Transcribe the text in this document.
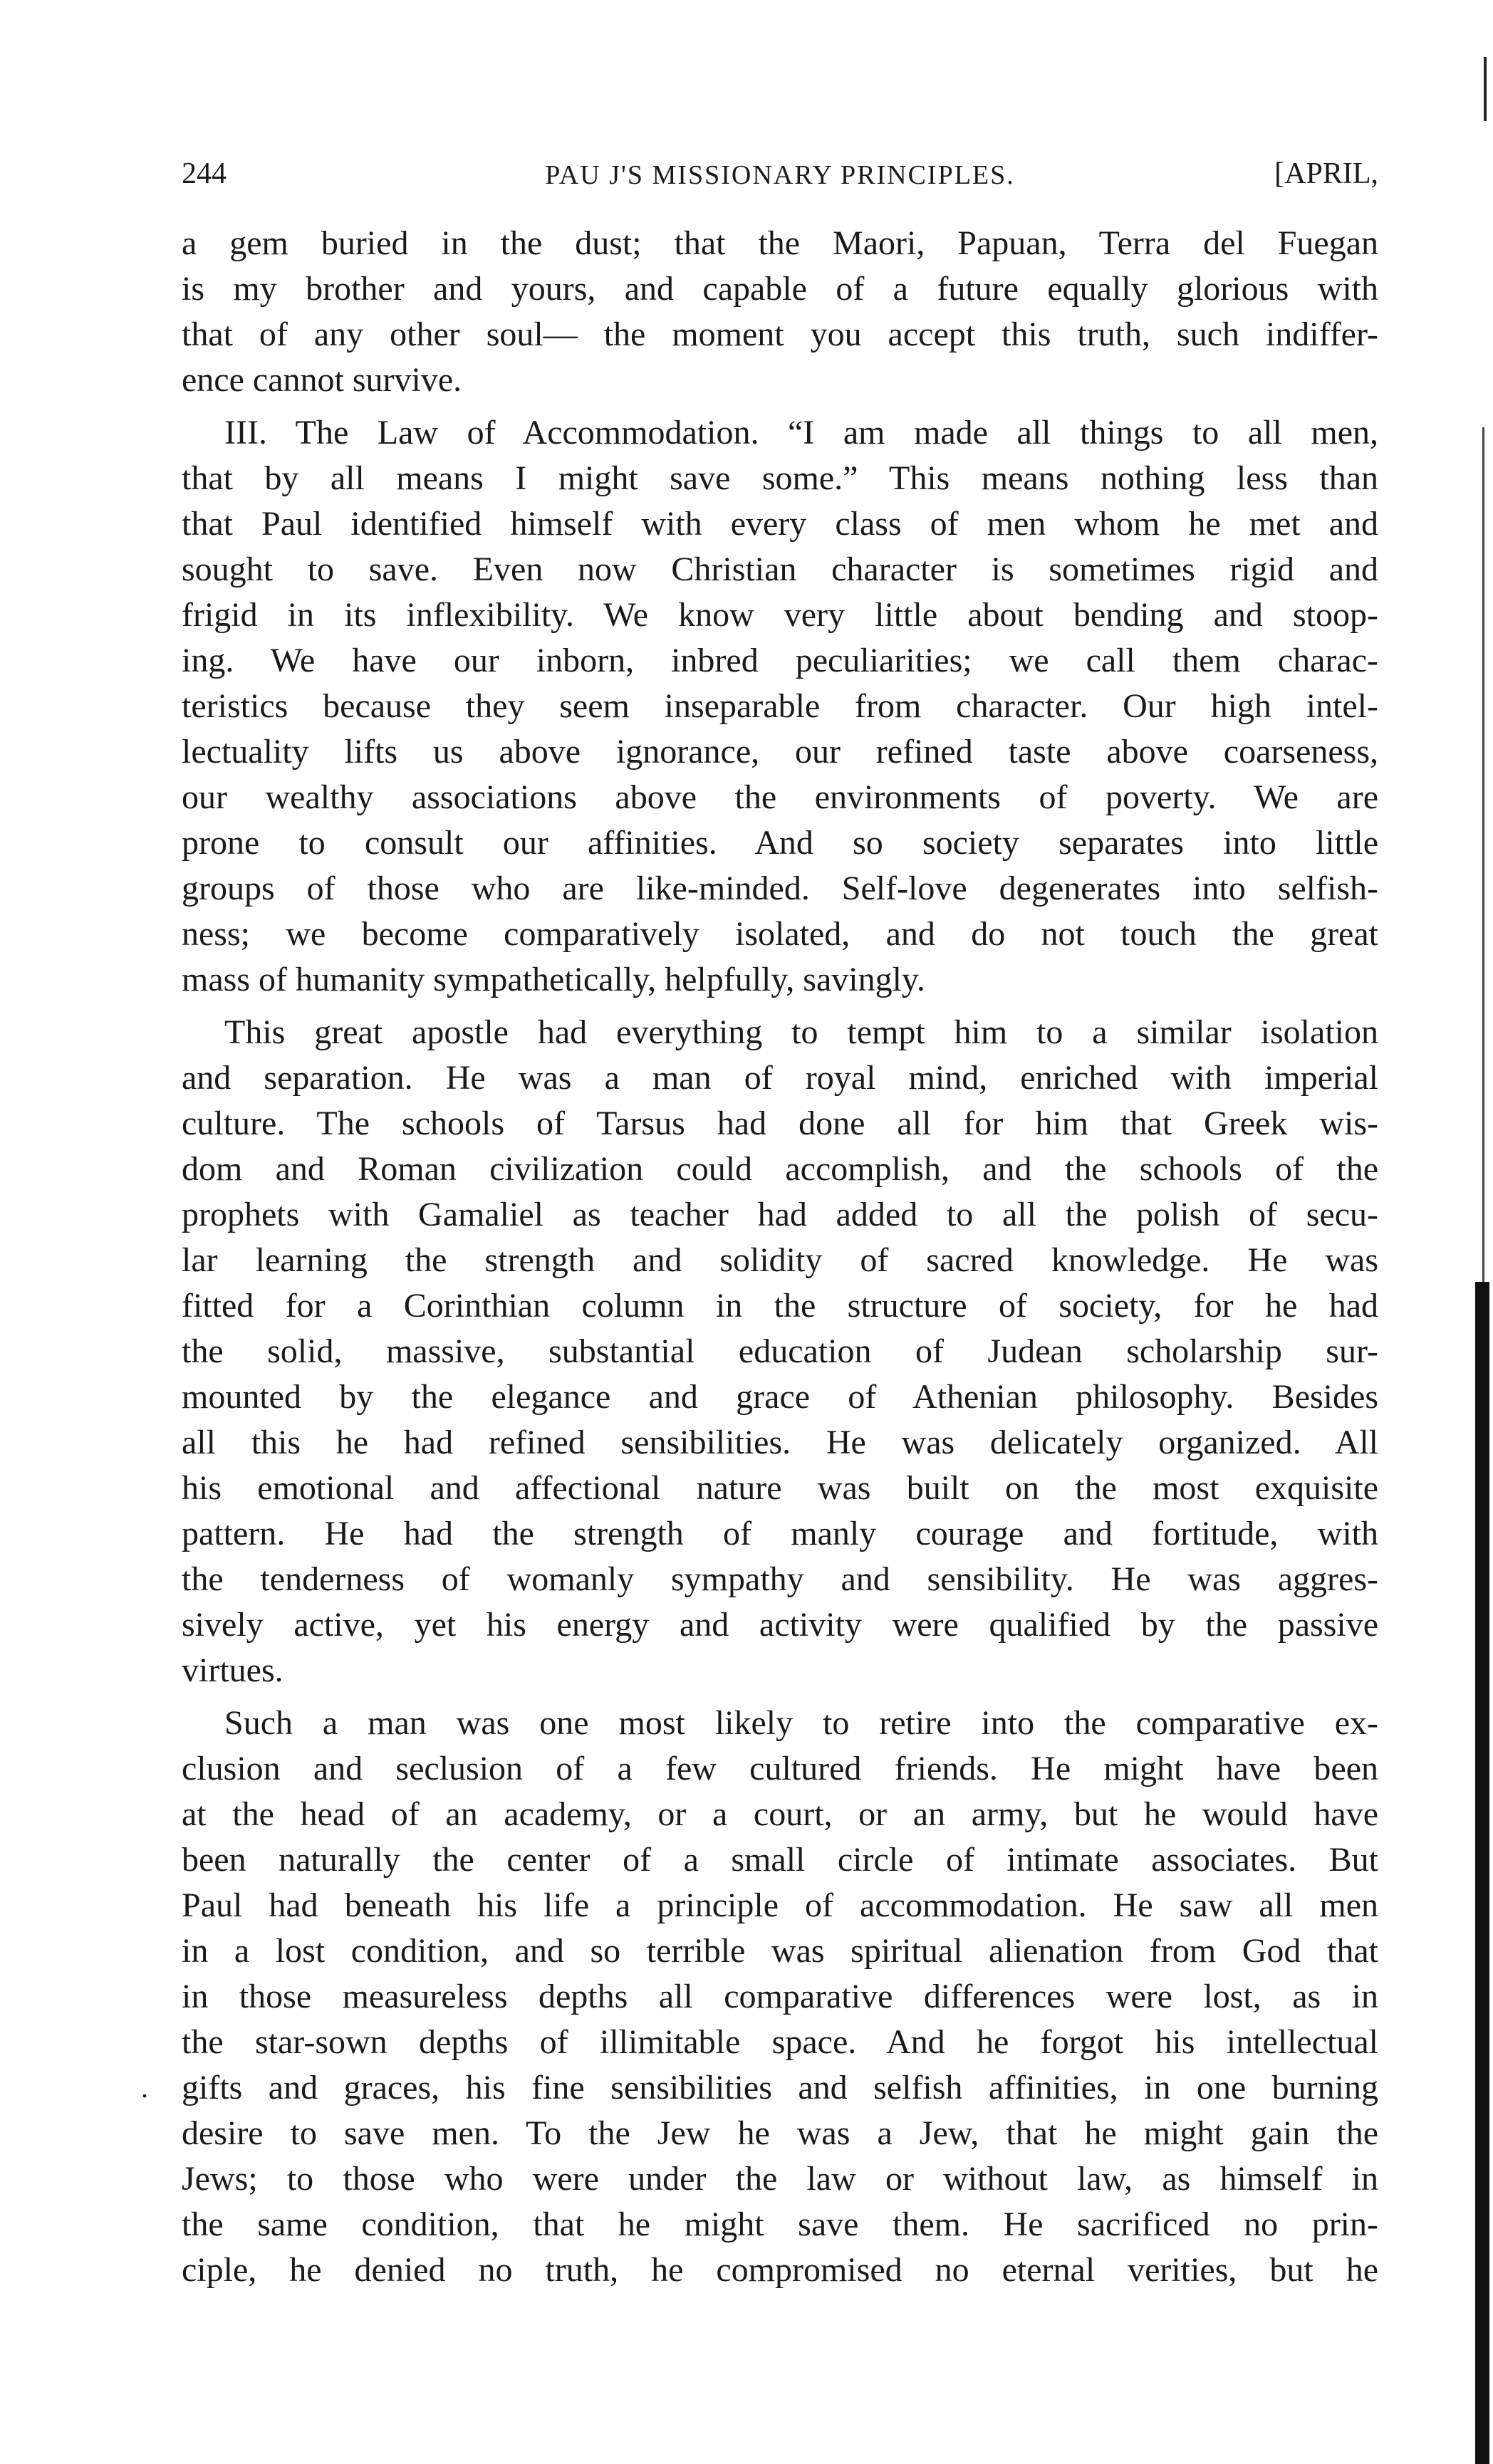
244	PAU J'S MISSIONARY PRINCIPLES.	[APRIL,
a gem buried in the dust; that the Maori, Papuan, Terra del Fuegan
is my brother and yours, and capable of a future equally glorious with
that of any other soul— the moment you accept this truth, such indiffer-
ence cannot survive.
III. The Law of Accommodation. “I am made all things to all men,
that by all means I might save some.” This means nothing less than
that Paul identified himself with every class of men whom he met and
sought to save. Even now Christian character is sometimes rigid and
frigid in its inflexibility. We know very little about bending and stoop-
ing. We have our inborn, inbred peculiarities; we call them charac-
teristics because they seem inseparable from character. Our high intel-
lectuality lifts us above ignorance, our refined taste above coarseness,
our wealthy associations above the environments of poverty. We are
prone to consult our affinities. And so society separates into little
groups of those who are like-minded. Self-love degenerates into selfish-
ness; we become comparatively isolated, and do not touch the great
mass of humanity sympathetically, helpfully, savingly.
This great apostle had everything to tempt him to a similar isolation
and separation. He was a man of royal mind, enriched with imperial
culture. The schools of Tarsus had done all for him that Greek wis-
dom and Roman civilization could accomplish, and the schools of the
prophets with Gamaliel as teacher had added to all the polish of secu-
lar learning the strength and solidity of sacred knowledge. He was
fitted for a Corinthian column in the structure of society, for he had
the solid, massive, substantial education of Judean scholarship sur-
mounted by the elegance and grace of Athenian philosophy. Besides
all this he had refined sensibilities. He was delicately organized. All
his emotional and affectional nature was built on the most exquisite
pattern. He had the strength of manly courage and fortitude, with
the tenderness of womanly sympathy and sensibility. He was aggres-
sively active, yet his energy and activity were qualified by the passive
virtues.
Such a man was one most likely to retire into the comparative ex-
clusion and seclusion of a few cultured friends. He might have been
at the head of an academy, or a court, or an army, but he would have
been naturally the center of a small circle of intimate associates. But
Paul had beneath his life a principle of accommodation. He saw all men
in a lost condition, and so terrible was spiritual alienation from God that
in those measureless depths all comparative differences were lost, as in
the star-sown depths of illimitable space. And he forgot his intellectual
gifts and graces, his fine sensibilities and selfish affinities, in one burning
desire to save men. To the Jew he was a Jew, that he might gain the
Jews; to those who were under the law or without law, as himself in
the same condition, that he might save them. He sacrificed no prin-
ciple, he denied no truth, he compromised no eternal verities, but he
.
